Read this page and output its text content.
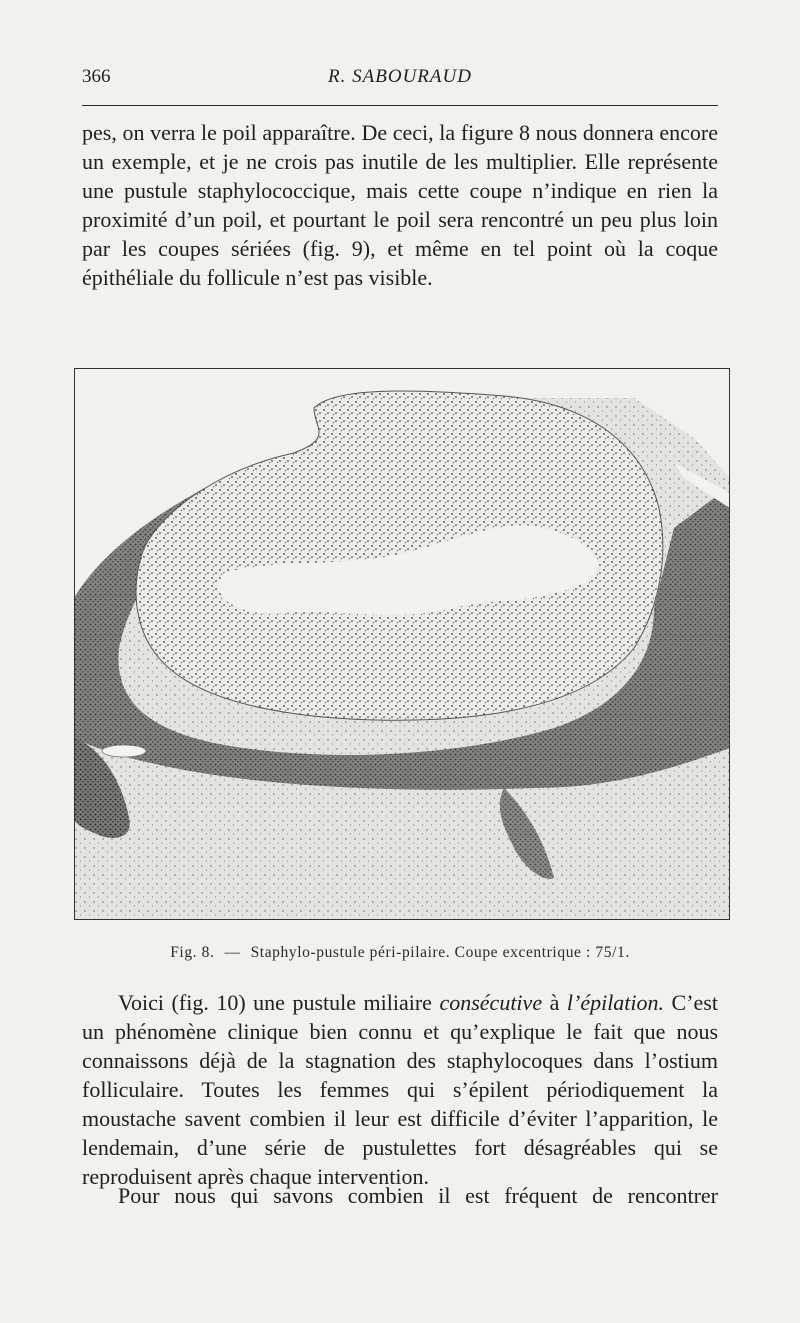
366	R. SABOURAUD

pes, on verra le poil apparaître. De ceci, la figure 8 nous donnera encore un exemple, et je ne crois pas inutile de les multiplier. Elle représente une pustule staphylococcique, mais cette coupe n’indique en rien la proximité d’un poil, et pourtant le poil sera rencontré un peu plus loin par les coupes sériées (fig. 9), et même en tel point où la coque épithéliale du follicule n’est pas visible.

Fig. 8. — Staphylo-pustule péri-pilaire. Coupe excentrique : 75/1.

Voici (fig. 10) une pustule miliaire consécutive à l’épilation. C’est un phénomène clinique bien connu et qu’explique le fait que nous connaissons déjà de la stagnation des staphylocoques dans l’ostium folliculaire. Toutes les femmes qui s’épilent périodiquement la moustache savent combien il leur est difficile d’éviter l’apparition, le lendemain, d’une série de pustulettes fort désagréables qui se reproduisent après chaque intervention.

Pour nous qui savons combien il est fréquent de rencontrer
